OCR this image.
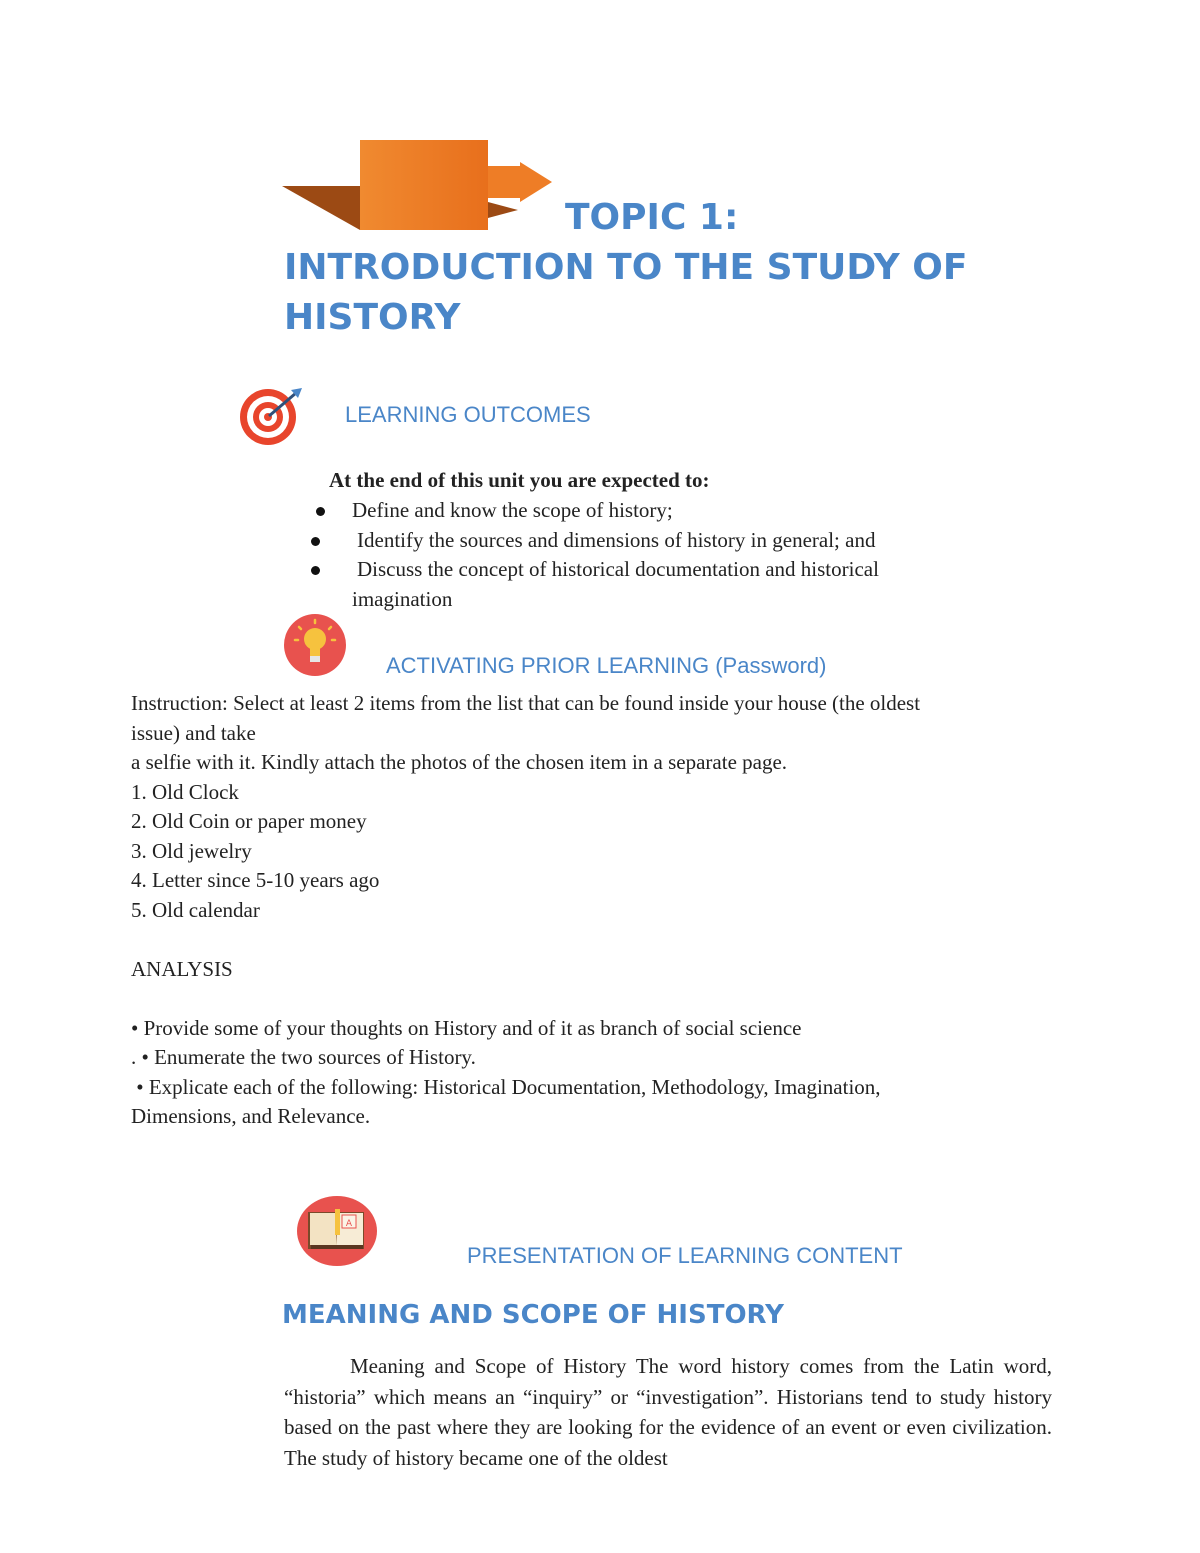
TOPIC 1:
INTRODUCTION TO THE STUDY OF
HISTORY
LEARNING OUTCOMES
At the end of this unit you are expected to:
Define and know the scope of history;
Identify the sources and dimensions of history in general; and
Discuss the concept of historical documentation and historical
imagination
ACTIVATING PRIOR LEARNING (Password)
Instruction: Select at least 2 items from the list that can be found inside your house (the oldest
issue) and take
a selfie with it. Kindly attach the photos of the chosen item in a separate page.
1. Old Clock
2. Old Coin or paper money
3. Old jewelry
4. Letter since 5-10 years ago
5. Old calendar
ANALYSIS
• Provide some of your thoughts on History and of it as branch of social science
. • Enumerate the two sources of History.
• Explicate each of the following: Historical Documentation, Methodology, Imagination,
Dimensions, and Relevance.
A
PRESENTATION OF LEARNING CONTENT
MEANING AND SCOPE OF HISTORY
Meaning and Scope of History The word history comes from the Latin word, “historia” which means an “inquiry” or “investigation”. Historians tend to study history based on the past where they are looking for the evidence of an event or even civilization. The study of history became one of the oldest
